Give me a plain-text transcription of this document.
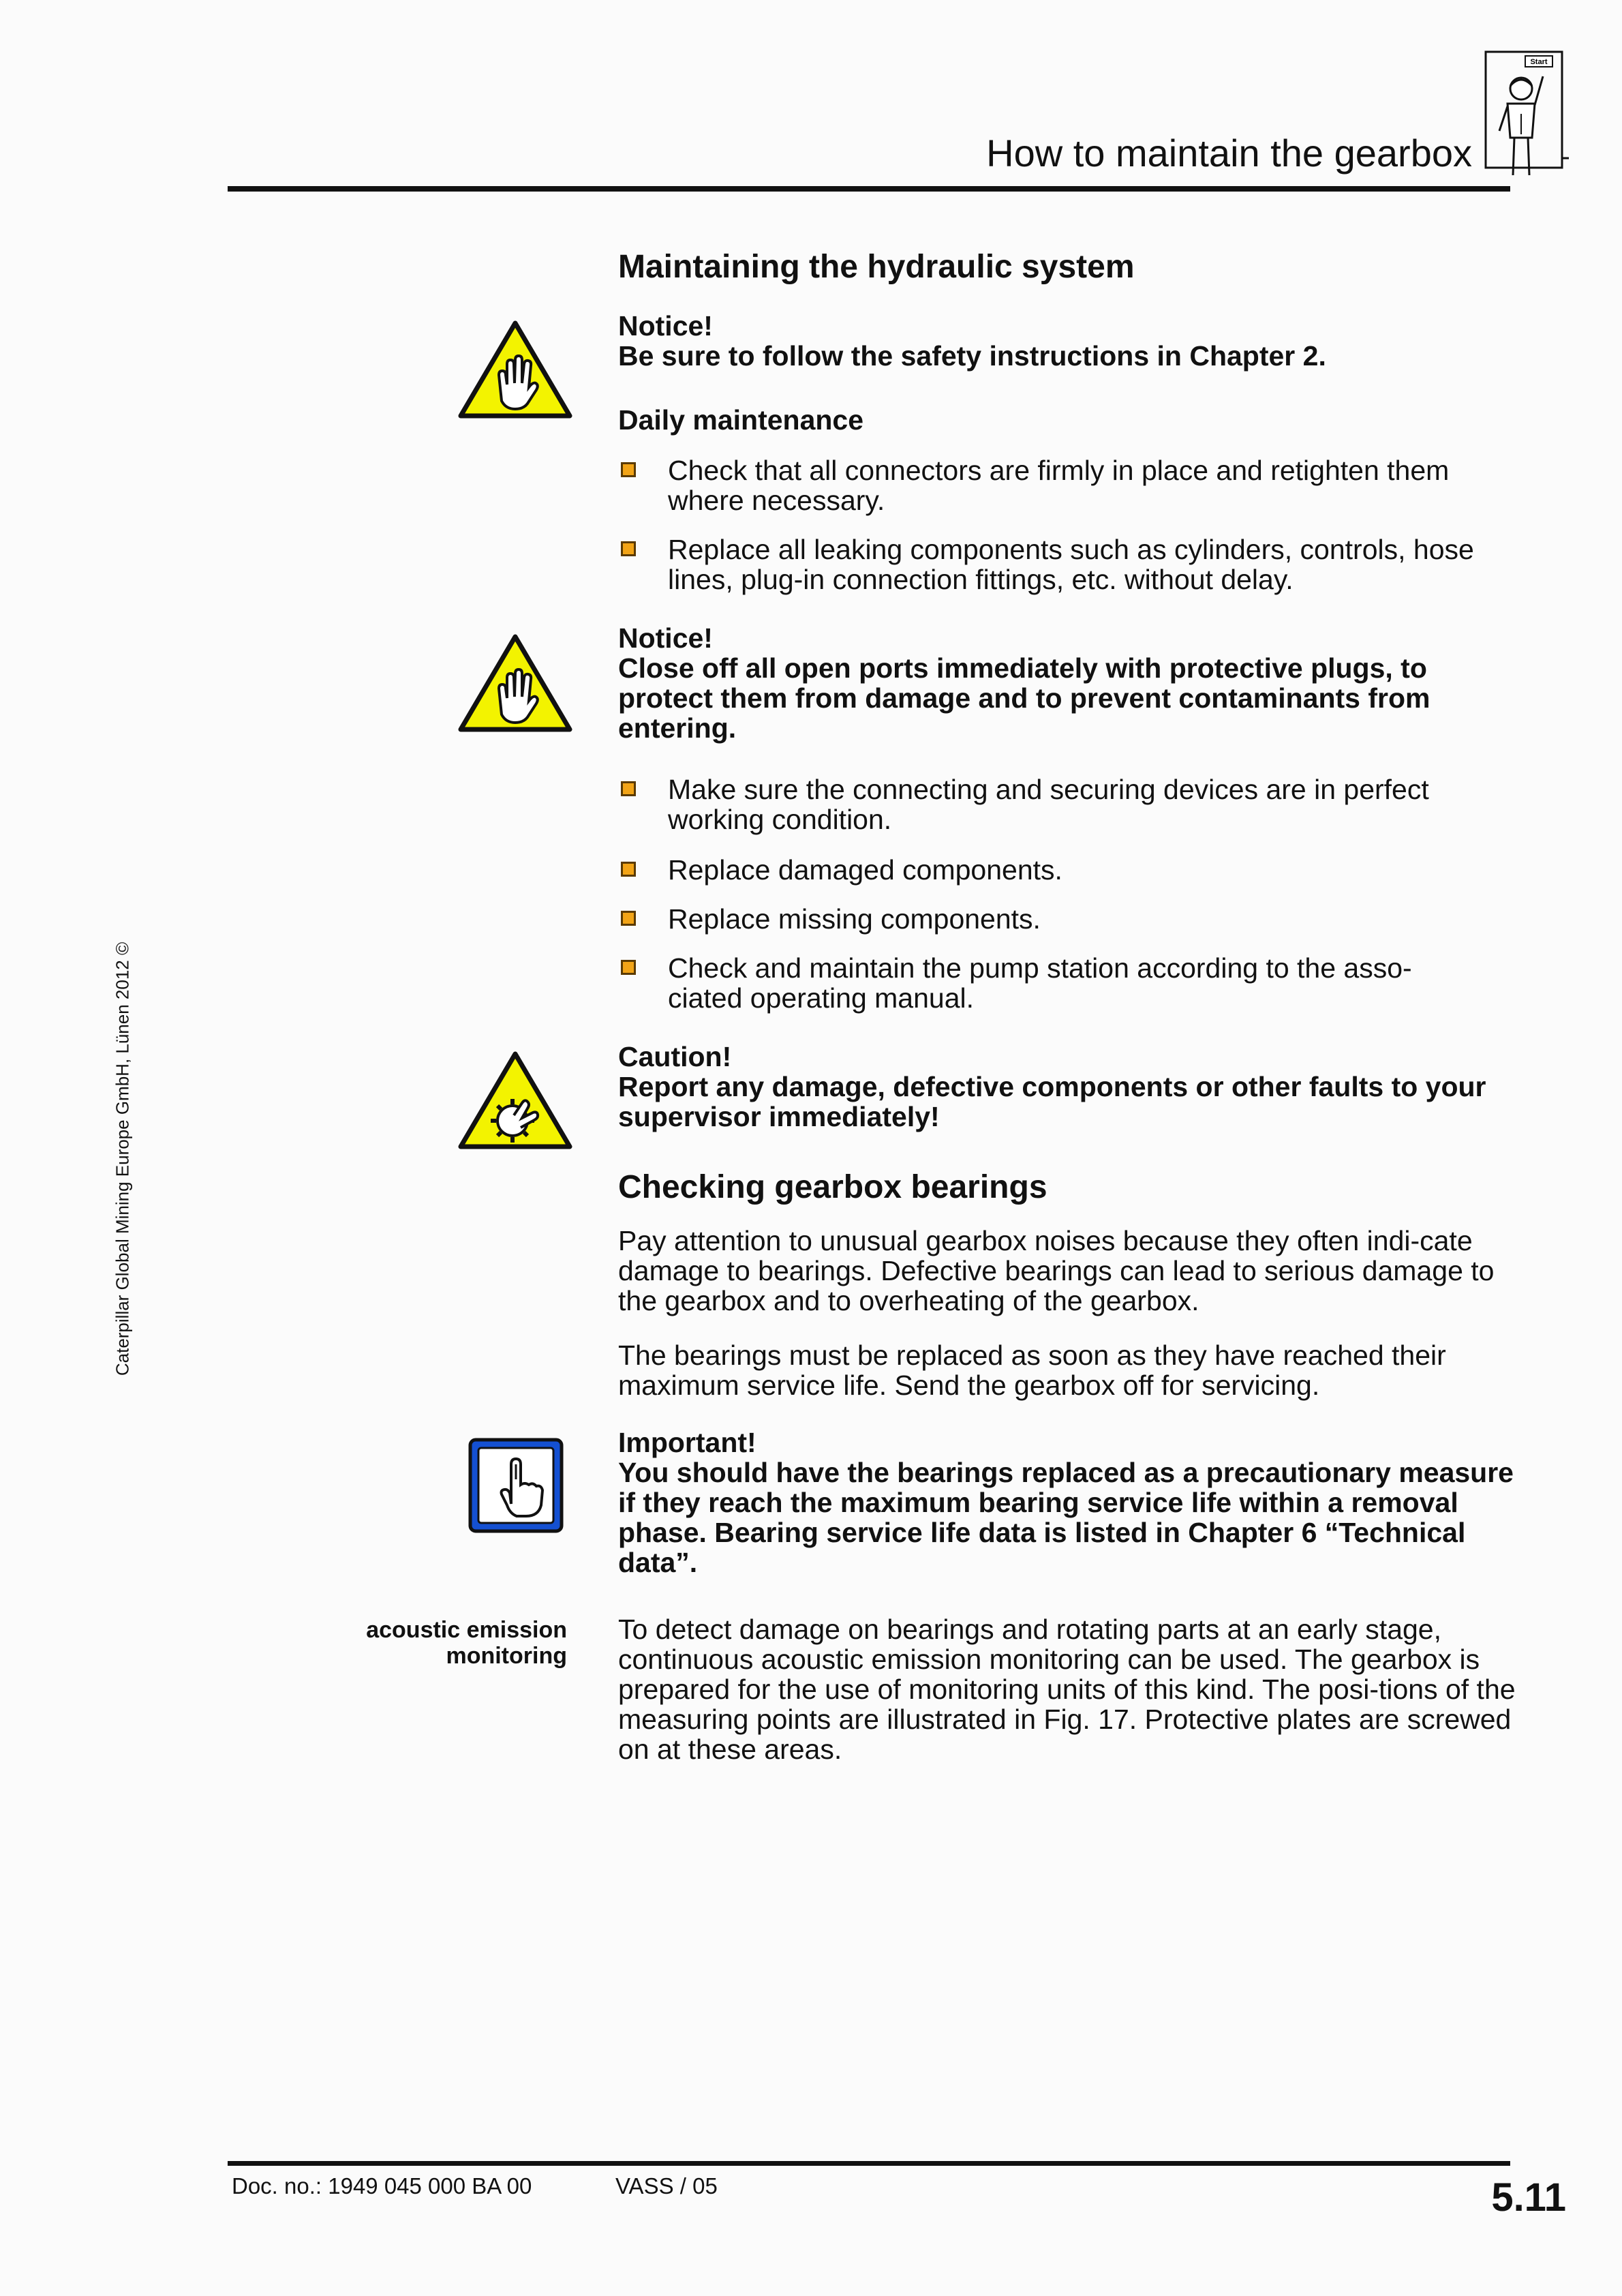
How to maintain the gearbox
Start
Caterpillar Global Mining Europe GmbH, Lünen 2012 ©
Maintaining the hydraulic system
Notice!
Be sure to follow the safety instructions in Chapter 2.
Daily maintenance
Check that all connectors are firmly in place and retighten them where necessary.
Replace all leaking components such as cylinders, controls, hose lines, plug-in connection fittings, etc. without delay.
Notice!
Close off all open ports immediately with protective plugs, to protect them from damage and to prevent contaminants from entering.
Make sure the connecting and securing devices are in perfect working condition.
Replace damaged components.
Replace missing components.
Check and maintain the pump station according to the asso-ciated operating manual.
Caution!
Report any damage, defective components or other faults to your supervisor immediately!
Checking gearbox bearings
Pay attention to unusual gearbox noises because they often indi-cate damage to bearings. Defective bearings can lead to serious damage to the gearbox and to overheating of the gearbox.
The bearings must be replaced as soon as they have reached their maximum service life. Send the gearbox off for servicing.
Important!
You should have the bearings replaced as a precautionary measure if they reach the maximum bearing service life within a removal phase. Bearing service life data is listed in Chapter 6 “Technical data”.
acoustic emission
monitoring
To detect damage on bearings and rotating parts at an early stage, continuous acoustic emission monitoring can be used. The gearbox is prepared for the use of monitoring units of this kind. The posi-tions of the measuring points are illustrated in Fig. 17. Protective plates are screwed on at these areas.
Doc. no.: 1949 045 000 BA 00	VASS / 05	5.11
